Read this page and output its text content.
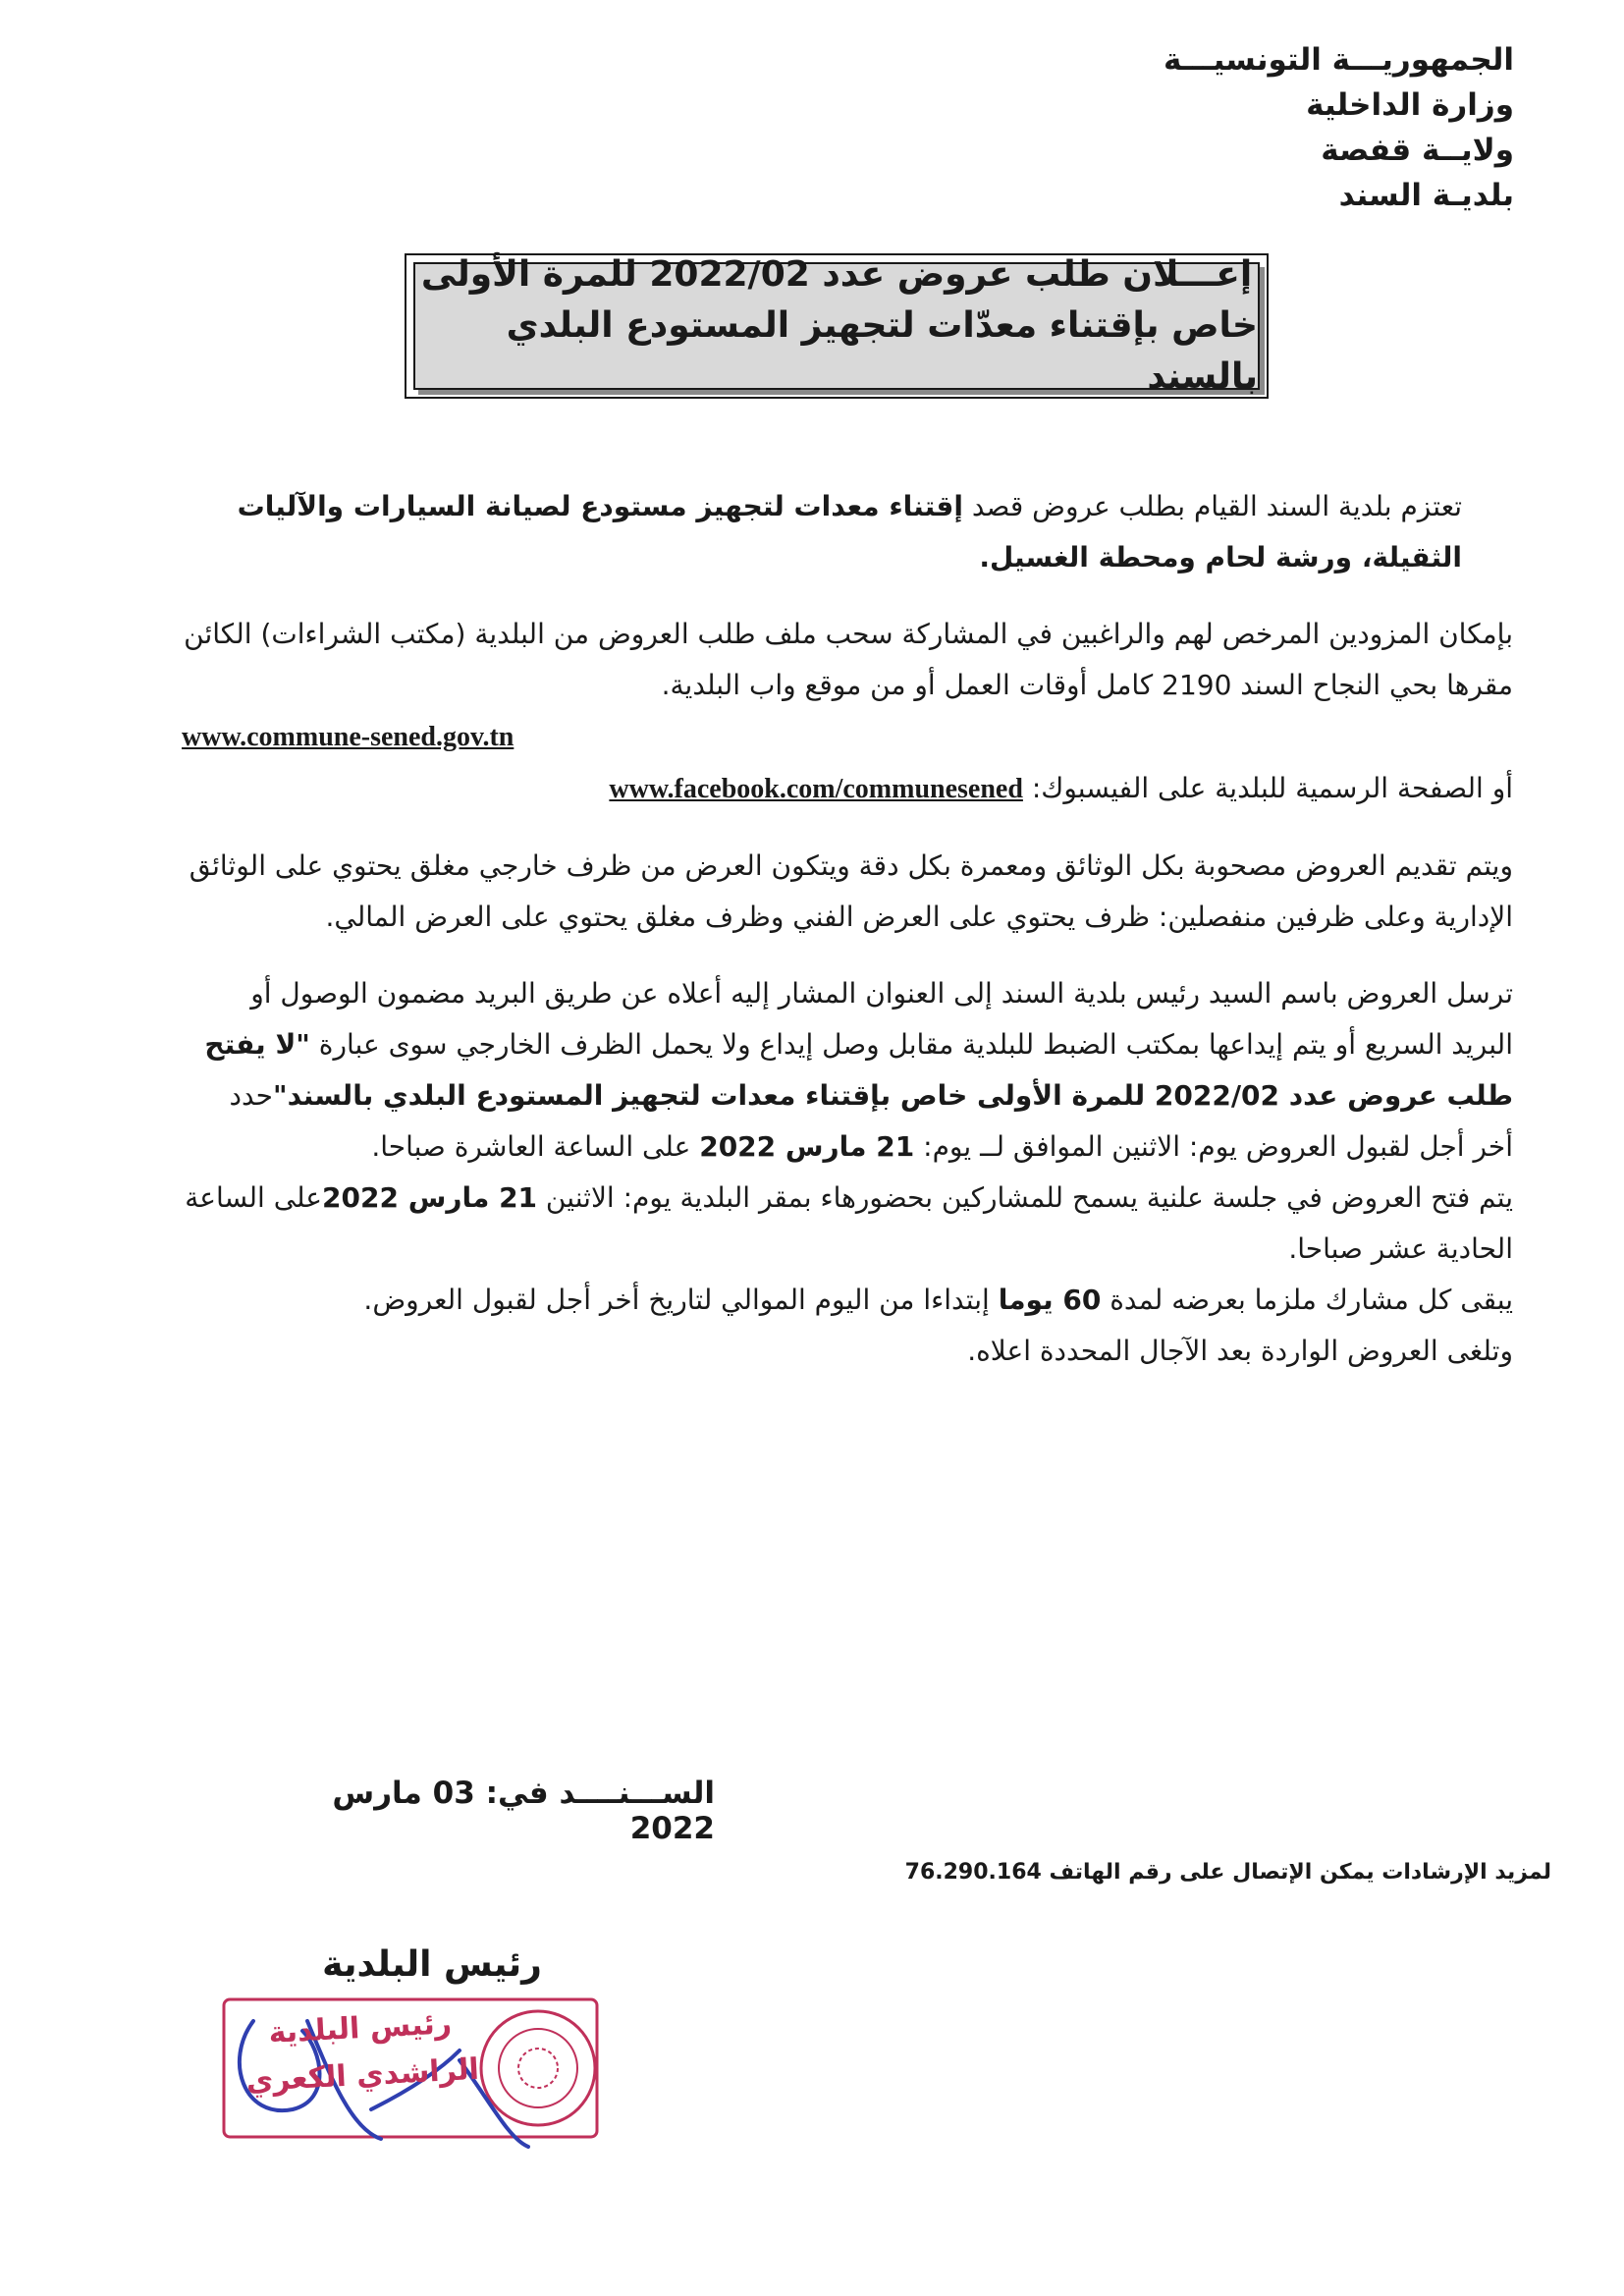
الجمهوريـــة التونسيـــة
وزارة الداخلية
ولايــة قفصة
بلديـة السند
إعـــلان طلب عروض عدد 2022/02 للمرة الأولى
خاص بإقتناء معدّات لتجهيز المستودع البلدي بالسند

تعتزم بلدية السند القيام بطلب عروض قصد إقتناء معدات لتجهيز مستودع لصيانة السيارات والآليات الثقيلة، ورشة لحام ومحطة الغسيل.

بإمكان المزودين المرخص لهم والراغبين في المشاركة سحب ملف طلب العروض من البلدية (مكتب الشراءات) الكائن مقرها بحي النجاح السند 2190 كامل أوقات العمل أو من موقع واب البلدية.

www.commune-sened.gov.tn

أو الصفحة الرسمية للبلدية على الفيسبوك: www.facebook.com/communesened

ويتم تقديم العروض مصحوبة بكل الوثائق ومعمرة بكل دقة ويتكون العرض من ظرف خارجي مغلق يحتوي على الوثائق الإدارية وعلى ظرفين منفصلين: ظرف يحتوي على العرض الفني وظرف مغلق يحتوي على العرض المالي.

ترسل العروض باسم السيد رئيس بلدية السند إلى العنوان المشار إليه أعلاه عن طريق البريد مضمون الوصول أو البريد السريع أو يتم إيداعها بمكتب الضبط للبلدية مقابل وصل إيداع ولا يحمل الظرف الخارجي سوى عبارة "لا يفتح طلب عروض عدد 2022/02 للمرة الأولى خاص بإقتناء معدات لتجهيز المستودع البلدي بالسند"حدد أخر أجل لقبول العروض يوم: الاثنين الموافق لــ يوم: 21 مارس 2022 على الساعة العاشرة صباحا.

يتم فتح العروض في جلسة علنية يسمح للمشاركين بحضورهاء بمقر البلدية يوم: الاثنين 21 مارس 2022على الساعة الحادية عشر صباحا.

يبقى كل مشارك ملزما بعرضه لمدة 60 يوما إبتداءا من اليوم الموالي لتاريخ أخر أجل لقبول العروض.

وتلغى العروض الواردة بعد الآجال المحددة اعلاه.

الســـنــــد في: 03 مارس 2022
لمزيد الإرشادات يمكن الإتصال على رقم الهاتف 76.290.164
رئيس البلدية
رئيس البلدية
الراشدي الكعري
